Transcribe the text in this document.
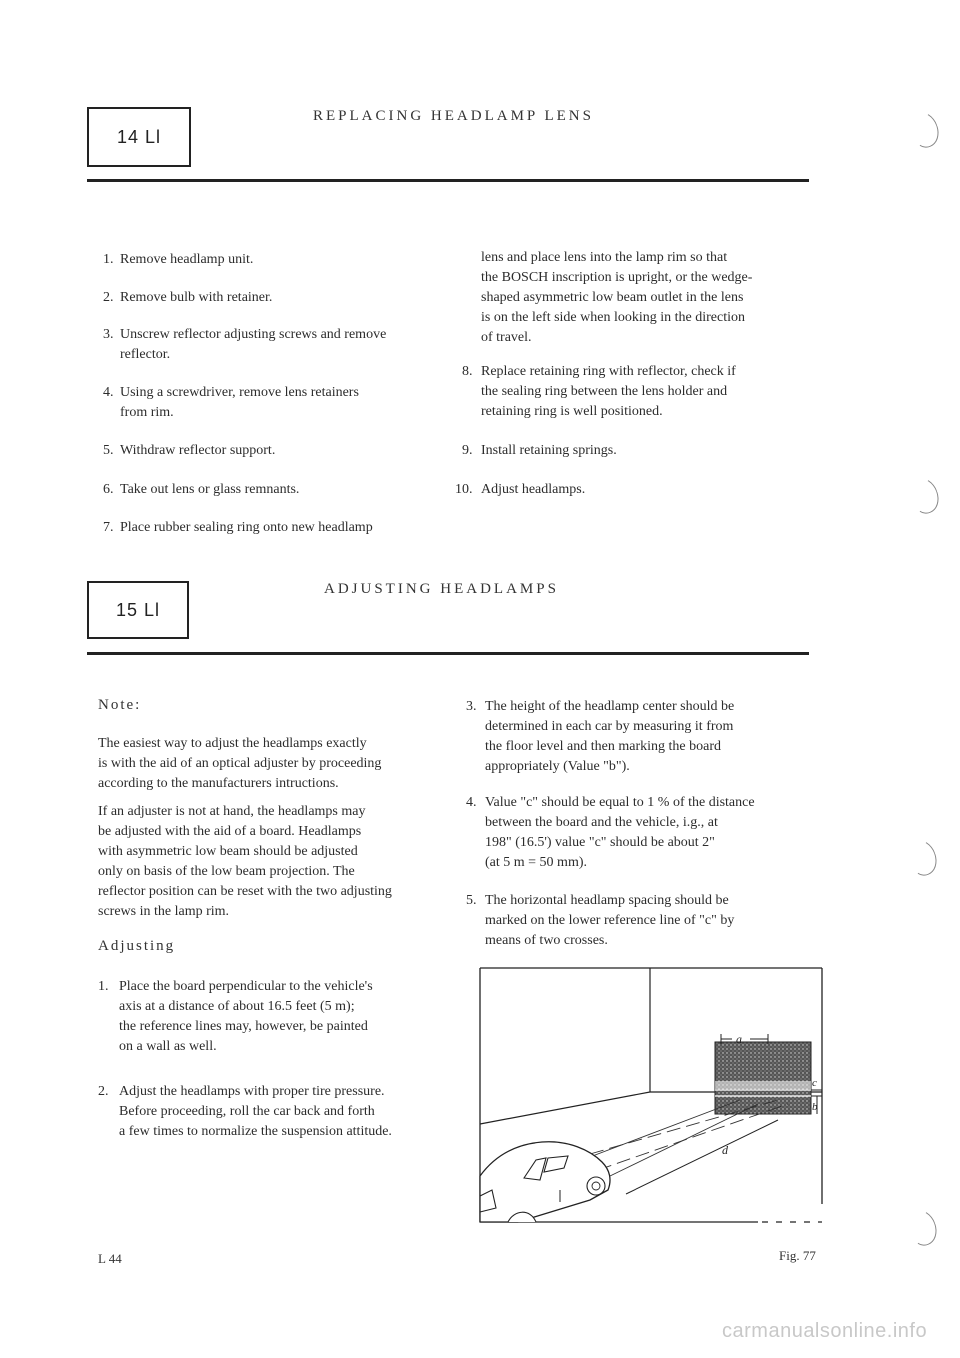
14 Ll
REPLACING HEADLAMP LENS
1. Remove headlamp unit.
2. Remove bulb with retainer.
3. Unscrew reflector adjusting screws and remove
reflector.
4. Using a screwdriver, remove lens retainers
from rim.
5. Withdraw reflector support.
6. Take out lens or glass remnants.
7. Place rubber sealing ring onto new headlamp
lens and place lens into the lamp rim so that
the BOSCH inscription is upright, or the wedge-
shaped asymmetric low beam outlet in the lens
is on the left side when looking in the direction
of travel.
8. Replace retaining ring with reflector, check if
the sealing ring between the lens holder and
retaining ring is well positioned.
9. Install retaining springs.
10. Adjust headlamps.
15 Ll
ADJUSTING HEADLAMPS
Note:
The easiest way to adjust the headlamps exactly
is with the aid of an optical adjuster by proceeding
according to the manufacturers intructions.
If an adjuster is not at hand, the headlamps may
be adjusted with the aid of a board. Headlamps
with asymmetric low beam should be adjusted
only on basis of the low beam projection. The
reflector position can be reset with the two adjusting
screws in the lamp rim.
Adjusting
1. Place the board perpendicular to the vehicle's
axis at a distance of about 16.5 feet (5 m);
the reference lines may, however, be painted
on a wall as well.
2. Adjust the headlamps with proper tire pressure.
Before proceeding, roll the car back and forth
a few times to normalize the suspension attitude.
3. The height of the headlamp center should be
determined in each car by measuring it from
the floor level and then marking the board
appropriately (Value "b").
4. Value "c" should be equal to 1 % of the distance
between the board and the vehicle, i.g., at
198" (16.5') value "c" should be about 2"
(at 5 m = 50 mm).
5. The horizontal headlamp spacing should be
marked on the lower reference line of "c" by
means of two crosses.
a
c
b
d
L 44	Fig. 77
carmanualsonline.info
